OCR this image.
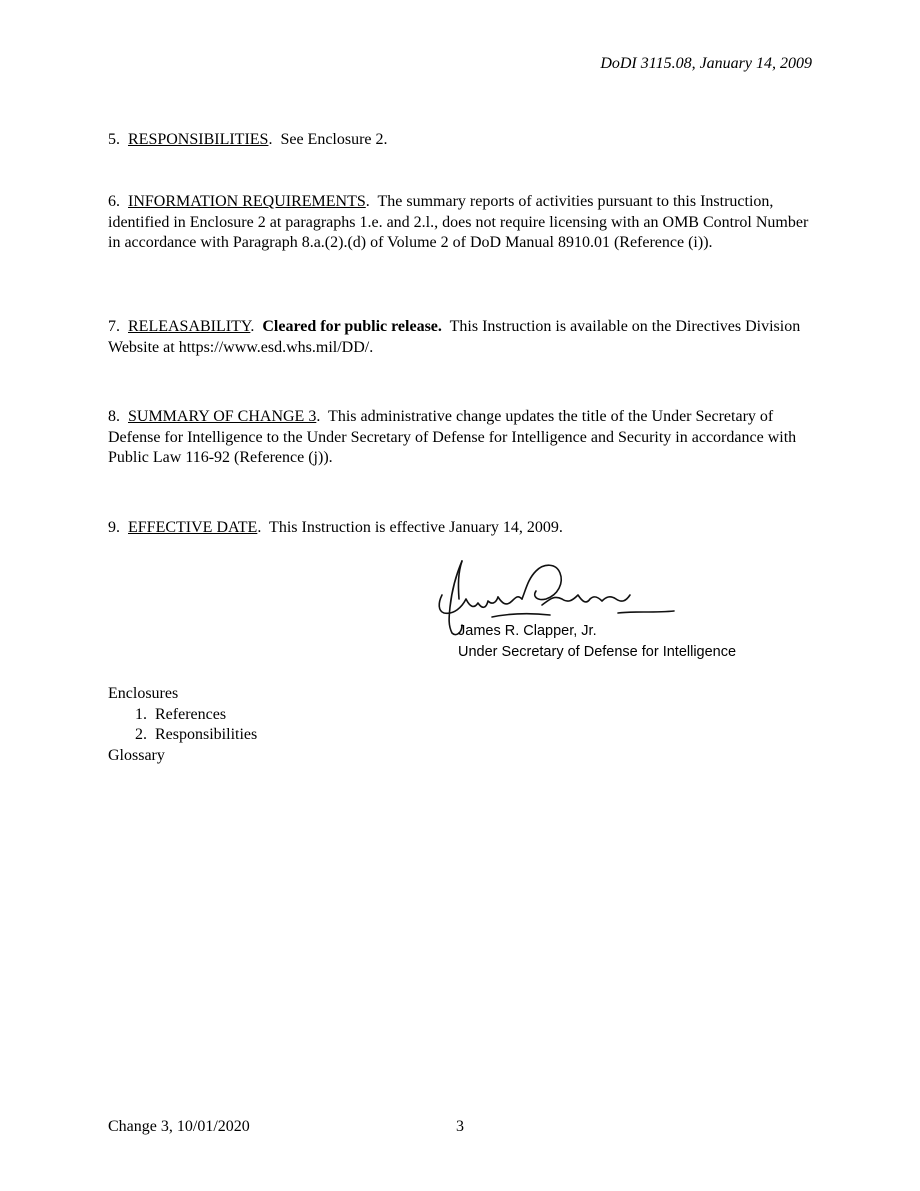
DoDI 3115.08, January 14, 2009

5. RESPONSIBILITIES.  See Enclosure 2.

6. INFORMATION REQUIREMENTS.  The summary reports of activities pursuant to this Instruction, identified in Enclosure 2 at paragraphs 1.e. and 2.l., does not require licensing with an OMB Control Number in accordance with Paragraph 8.a.(2).(d) of Volume 2 of DoD Manual 8910.01 (Reference (i)).

7. RELEASABILITY.  Cleared for public release. This Instruction is available on the Directives Division Website at https://www.esd.whs.mil/DD/.

8. SUMMARY OF CHANGE 3.  This administrative change updates the title of the Under Secretary of Defense for Intelligence to the Under Secretary of Defense for Intelligence and Security in accordance with Public Law 116-92 (Reference (j)).

9. EFFECTIVE DATE.  This Instruction is effective January 14, 2009.

James R. Clapper, Jr.
Under Secretary of Defense for Intelligence
Enclosures
1.  References
2.  Responsibilities
Glossary
Change 3, 10/01/2020	3
